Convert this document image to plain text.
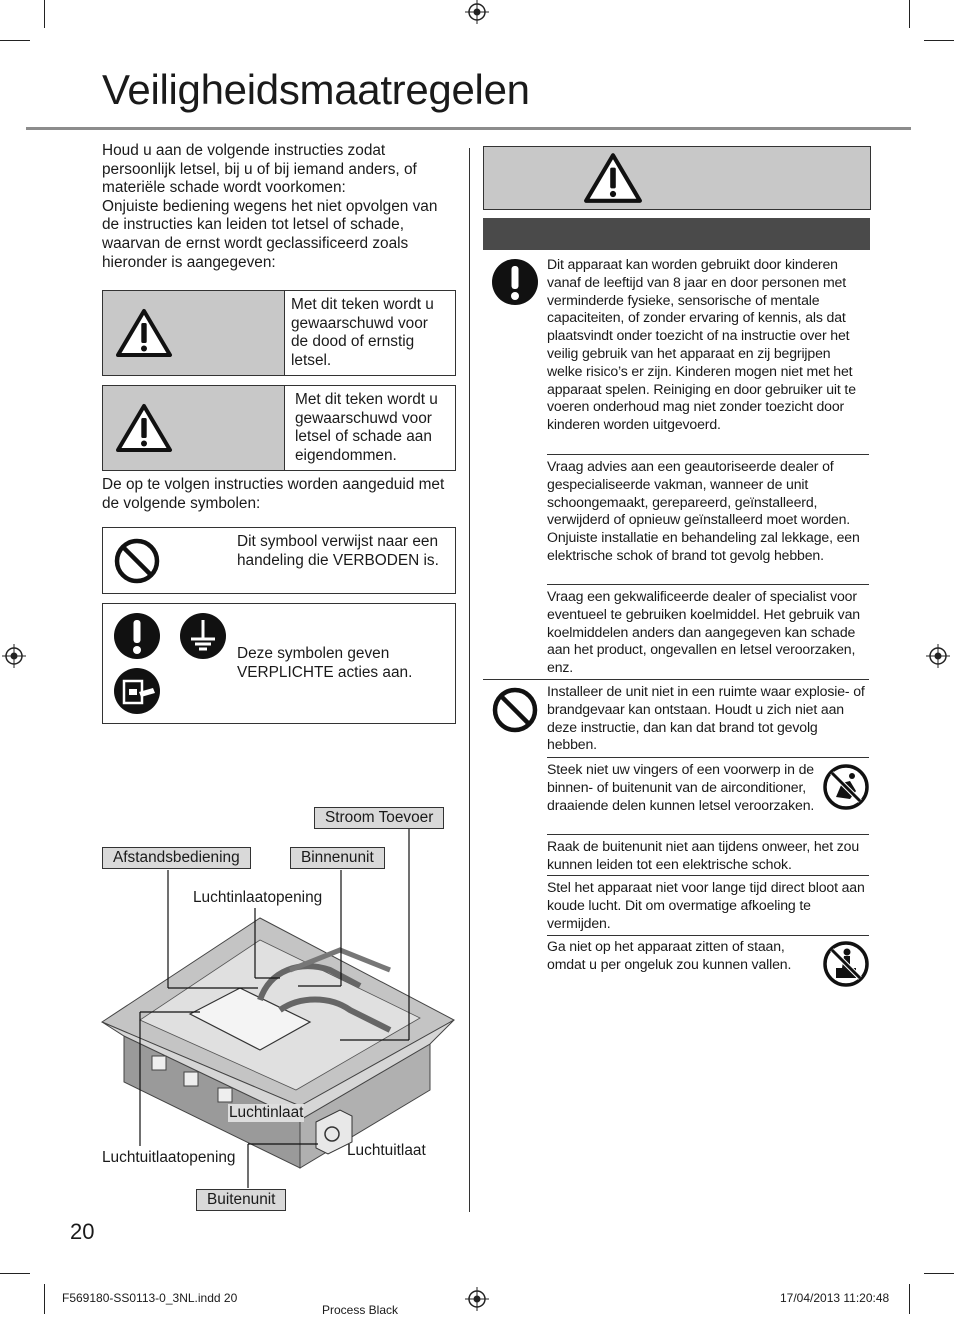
Veiligheidsmaatregelen

Houd u aan de volgende instructies zodat persoonlijk letsel, bij u of bij iemand anders, of materiële schade wordt voorkomen:

Onjuiste bediening wegens het niet opvolgen van de instructies kan leiden tot letsel of schade, waarvan de ernst wordt geclassificeerd zoals hieronder is aangegeven:

Met dit teken wordt u gewaarschuwd voor de dood of ernstig letsel.
Met dit teken wordt u gewaarschuwd voor letsel of schade aan eigendommen.
De op te volgen instructies worden aangeduid met de volgende symbolen:
Dit symbool verwijst naar een handeling die VERBODEN is.
Deze symbolen geven VERPLICHTE acties aan.
Stroom Toevoer
Afstandsbediening	Binnenunit
Luchtinlaatopening
Luchtinlaat
Luchtuitlaatopening	Luchtuitlaat
Buitenunit
Dit apparaat kan worden gebruikt door kinderen vanaf de leeftijd van 8 jaar en door personen met verminderde fysieke, sensorische of mentale capaciteiten, of zonder ervaring of kennis, als dat plaatsvindt onder toezicht of na instructie over het veilig gebruik van het apparaat en zij begrijpen welke risico’s er zijn. Kinderen mogen niet met het apparaat spelen. Reiniging en door gebruiker uit te voeren onderhoud mag niet zonder toezicht door kinderen worden uitgevoerd.
Vraag advies aan een geautoriseerde dealer of gespecialiseerde vakman, wanneer de unit schoongemaakt, gerepareerd, geïnstalleerd, verwijderd of opnieuw geïnstalleerd moet worden. Onjuiste installatie en behandeling zal lekkage, een elektrische schok of brand tot gevolg hebben.
Vraag een gekwalificeerde dealer of specialist voor eventueel te gebruiken koelmiddel. Het gebruik van koelmiddelen anders dan aangegeven kan schade aan het product, ongevallen en letsel veroorzaken, enz.
Installeer de unit niet in een ruimte waar explosie- of brandgevaar kan ontstaan. Houdt u zich niet aan deze instructie, dan kan dat brand tot gevolg hebben.
Steek niet uw vingers of een voorwerp in de binnen- of buitenunit van de airconditioner, draaiende delen kunnen letsel veroorzaken.
Raak de buitenunit niet aan tijdens onweer, het zou kunnen leiden tot een elektrische schok.
Stel het apparaat niet voor lange tijd direct bloot aan koude lucht. Dit om overmatige afkoeling te vermijden.
Ga niet op het apparaat zitten of staan, omdat u per ongeluk zou kunnen vallen.
20
F569180-SS0113-0_3NL.indd 20
Process Black
17/04/2013 11:20:48
